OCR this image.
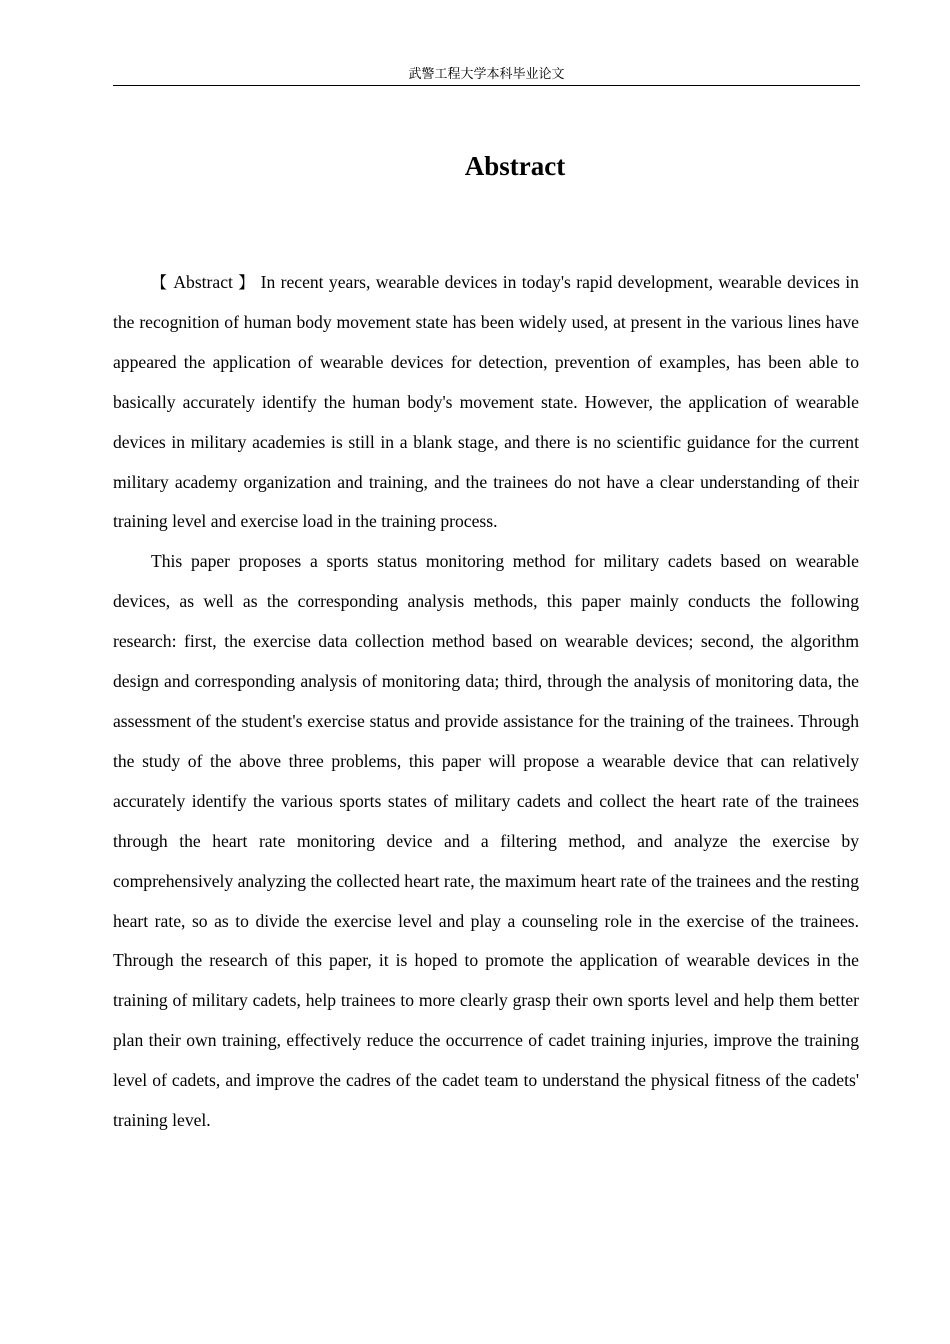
武警工程大学本科毕业论文
Abstract

【 Abstract 】 In recent years, wearable devices in today's rapid development, wearable devices in the recognition of human body movement state has been widely used, at present in the various lines have appeared the application of wearable devices for detection, prevention of examples, has been able to basically accurately identify the human body's movement state. However, the application of wearable devices in military academies is still in a blank stage, and there is no scientific guidance for the current military academy organization and training, and the trainees do not have a clear understanding of their training level and exercise load in the training process.

This paper proposes a sports status monitoring method for military cadets based on wearable devices, as well as the corresponding analysis methods, this paper mainly conducts the following research: first, the exercise data collection method based on wearable devices; second, the algorithm design and corresponding analysis of monitoring data; third, through the analysis of monitoring data, the assessment of the student's exercise status and provide assistance for the training of the trainees. Through the study of the above three problems, this paper will propose a wearable device that can relatively accurately identify the various sports states of military cadets and collect the heart rate of the trainees through the heart rate monitoring device and a filtering method, and analyze the exercise by comprehensively analyzing the collected heart rate, the maximum heart rate of the trainees and the resting heart rate, so as to divide the exercise level and play a counseling role in the exercise of the trainees. Through the research of this paper, it is hoped to promote the application of wearable devices in the training of military cadets, help trainees to more clearly grasp their own sports level and help them better plan their own training, effectively reduce the occurrence of cadet training injuries, improve the training level of cadets, and improve the cadres of the cadet team to understand the physical fitness of the cadets' training level.
